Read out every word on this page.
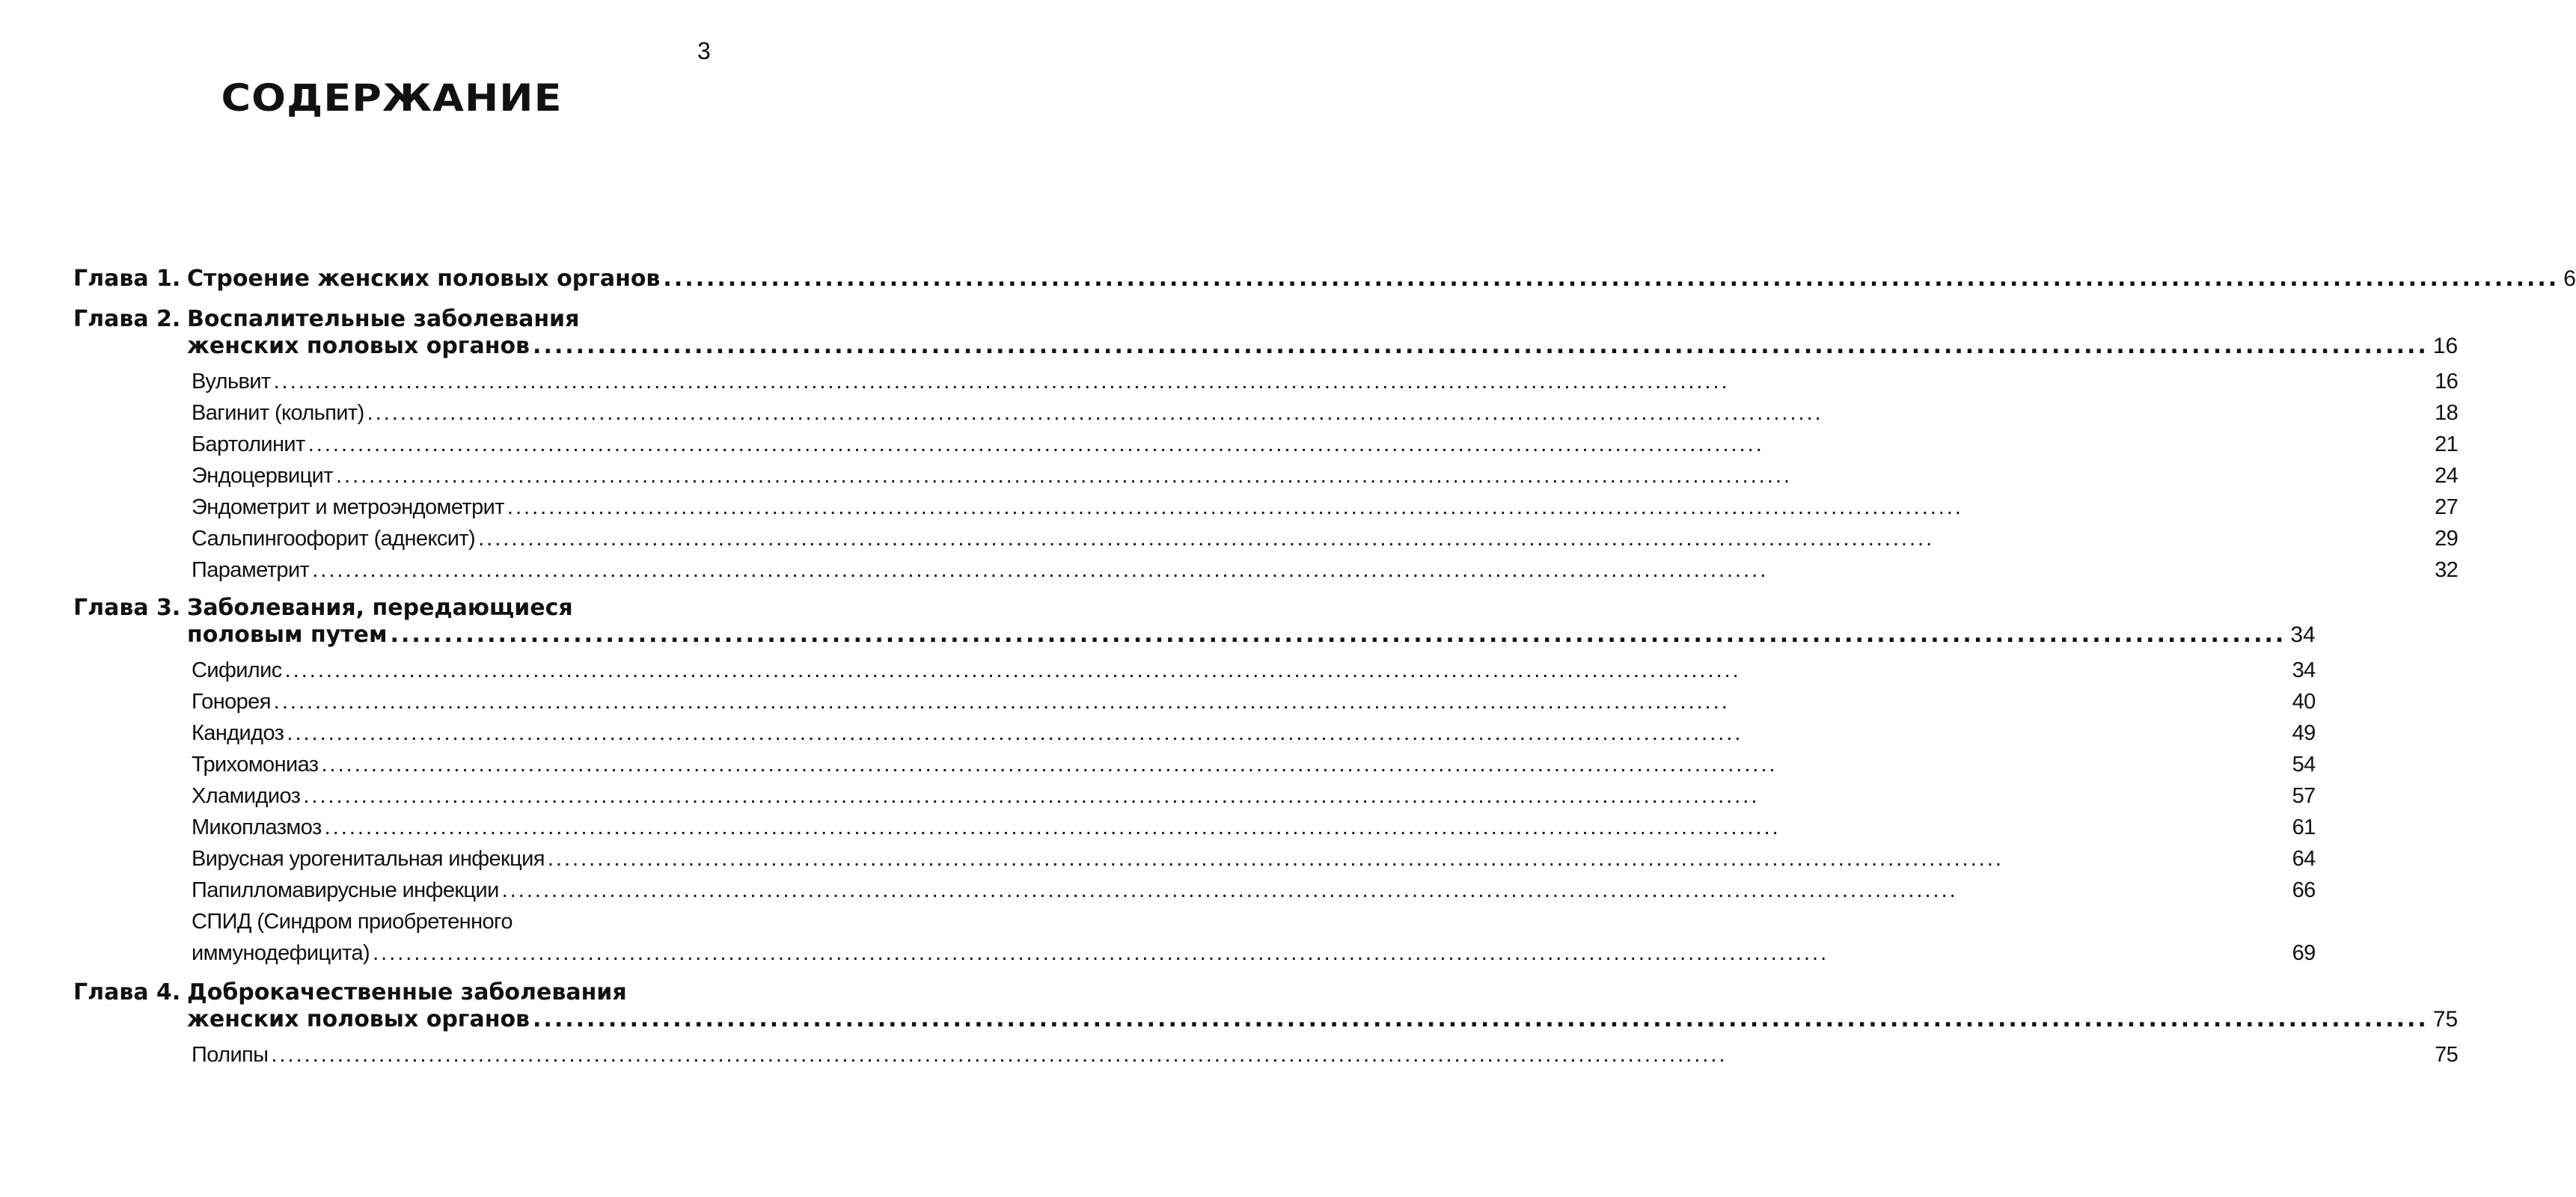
3
СОДЕРЖАНИЕ
Глава 1. Строение женских половых органов .....	6
Глава 2. Воспалительные заболевания
женских половых органов .....	16
Вульвит .....	16
Вагинит (кольпит) .....	18
Бартолинит .....	21
Эндоцервицит .....	24
Эндометрит и метроэндометрит .....	27
Сальпингоофорит (аднексит) .....	29
Параметрит .....	32
Глава 3. Заболевания, передающиеся
половым путем .....	34
Сифилис .....	34
Гонорея .....	40
Кандидоз .....	49
Трихомониаз .....	54
Хламидиоз .....	57
Микоплазмоз .....	61
Вирусная урогенитальная инфекция .....	64
Папилломавирусные инфекции .....	66
СПИД (Синдром приобретенного
иммунодефицита) .....	69
Глава 4. Доброкачественные заболевания
женских половых органов .....	75
Полипы .....	75
